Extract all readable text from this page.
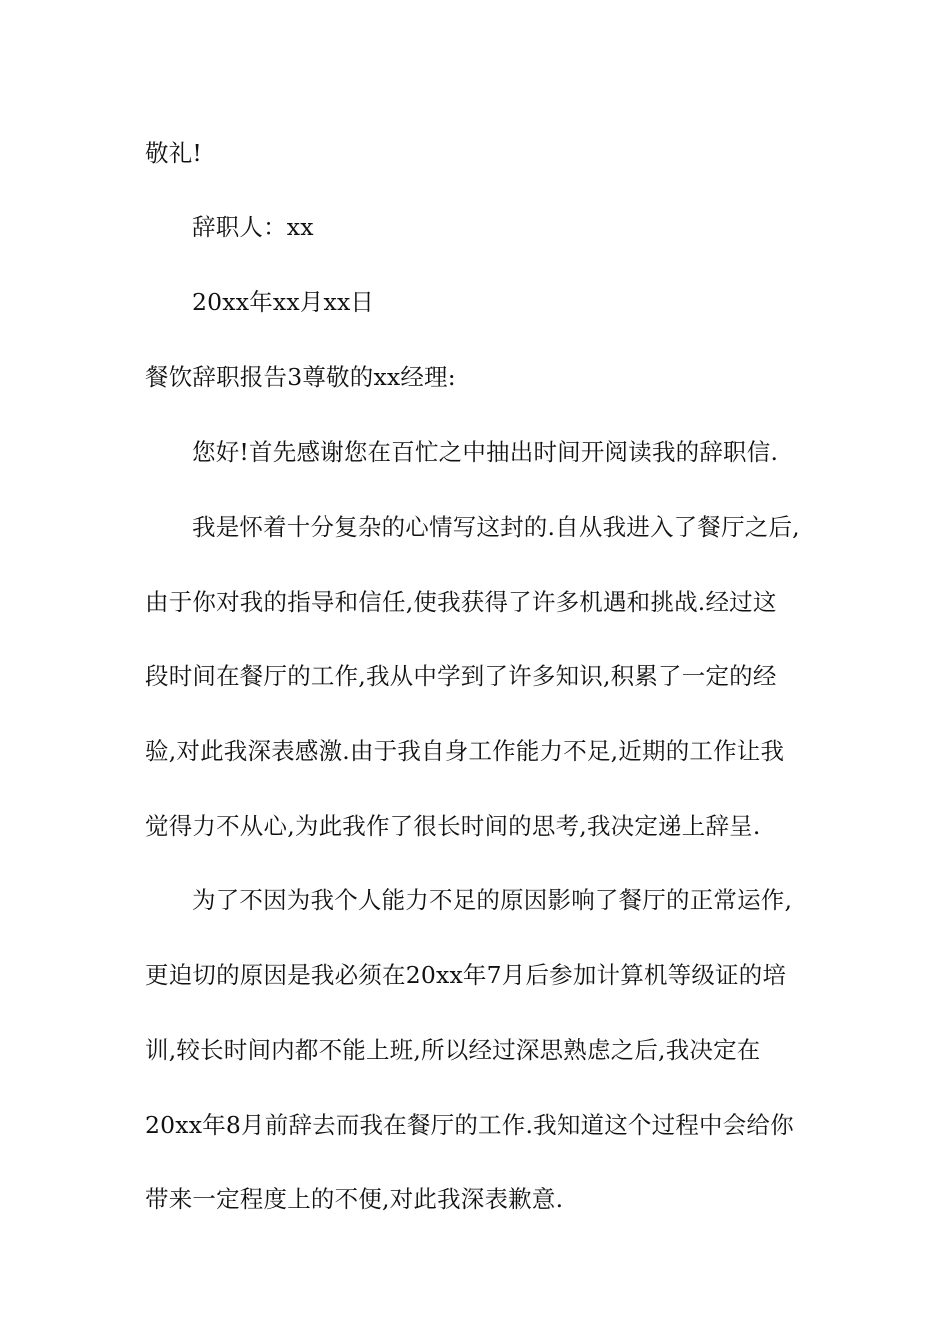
敬礼!
辞职人：xx
20xx年xx月xx日
餐饮辞职报告3尊敬的xx经理:
您好!首先感谢您在百忙之中抽出时间开阅读我的辞职信.
我是怀着十分复杂的心情写这封的.自从我进入了餐厅之后,
由于你对我的指导和信任,使我获得了许多机遇和挑战.经过这
段时间在餐厅的工作,我从中学到了许多知识,积累了一定的经
验,对此我深表感激.由于我自身工作能力不足,近期的工作让我
觉得力不从心,为此我作了很长时间的思考,我决定递上辞呈.
为了不因为我个人能力不足的原因影响了餐厅的正常运作,
更迫切的原因是我必须在20xx年7月后参加计算机等级证的培
训,较长时间内都不能上班,所以经过深思熟虑之后,我决定在
20xx年8月前辞去而我在餐厅的工作.我知道这个过程中会给你
带来一定程度上的不便,对此我深表歉意.
